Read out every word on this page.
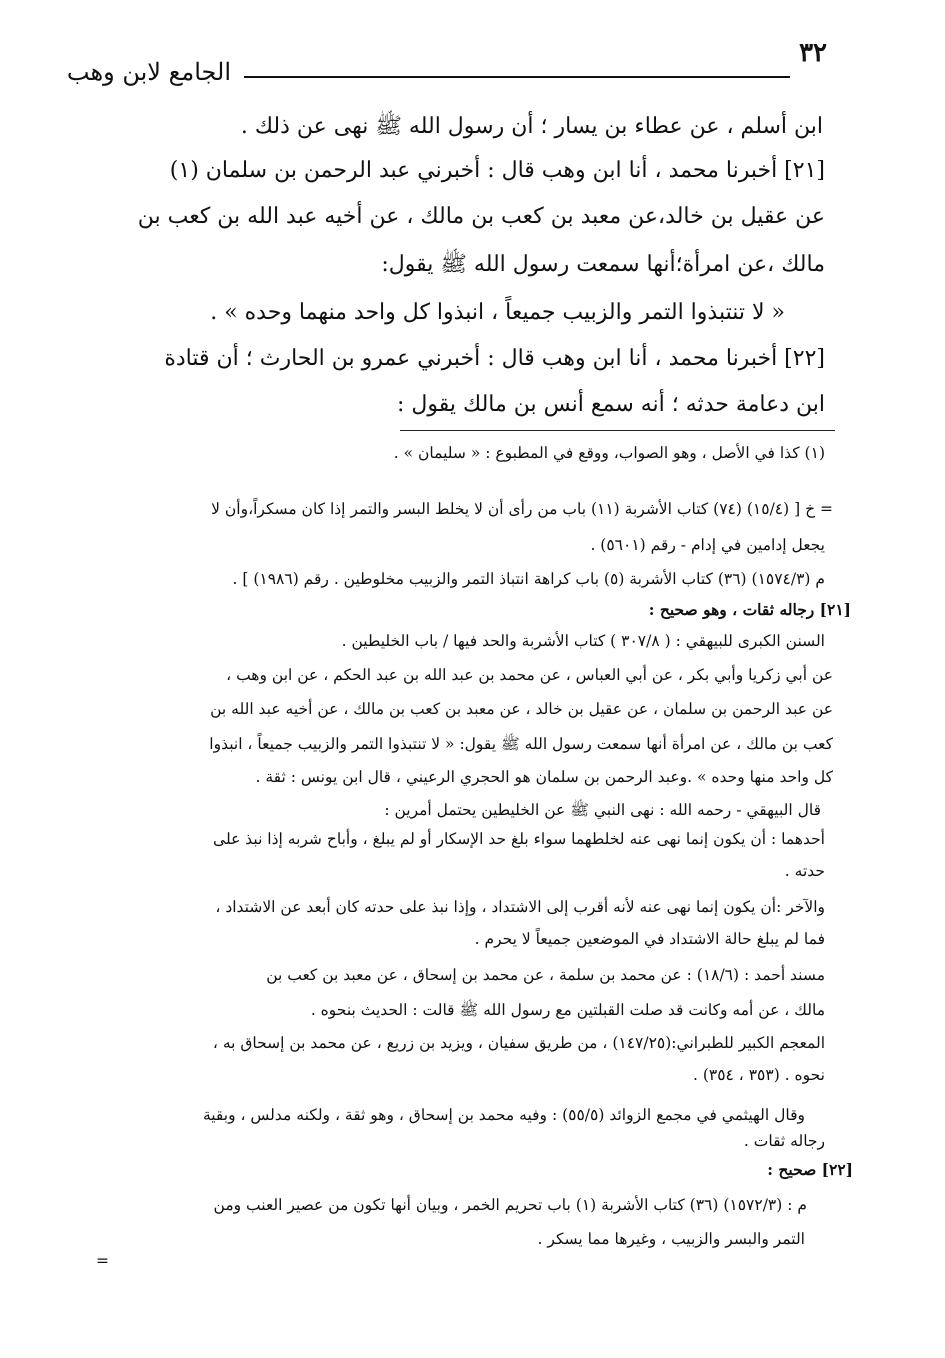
٣٢
الجامع لابن وهب
ابن أسلم ، عن عطاء بن يسار ؛ أن رسول الله ﷺ نهى عن ذلك .
[٢١] أخبرنا محمد ، أنا ابن وهب قال : أخبرني عبد الرحمن بن سلمان (١)
عن عقيل بن خالد،عن معبد بن كعب بن مالك ، عن أخيه عبد الله بن كعب بن
مالك ،عن امرأة؛أنها سمعت رسول الله ﷺ يقول:
« لا تنتبذوا التمر والزبيب جميعاً ، انبذوا كل واحد منهما وحده » .
[٢٢] أخبرنا محمد ، أنا ابن وهب قال : أخبرني عمرو بن الحارث ؛ أن قتادة
ابن دعامة حدثه ؛ أنه سمع أنس بن مالك يقول :
(١) كذا في الأصل ، وهو الصواب، ووقع في المطبوع : « سليمان » .
= خ [ (١٥/٤) (٧٤) كتاب الأشربة (١١) باب من رأى أن لا يخلط البسر والتمر إذا كان مسكراً،وأن لا
يجعل إدامين في إدام - رقم (٥٦٠١) .
م (١٥٧٤/٣) (٣٦) كتاب الأشربة (٥) باب كراهة انتباذ التمر والزبيب مخلوطين . رقم (١٩٨٦) ] .
[٢١] رجاله ثقات ، وهو صحيح :
السنن الكبرى للبيهقي : ( ٣٠٧/٨ ) كتاب الأشربة والحد فيها / باب الخليطين .
عن أبي زكريا وأبي بكر ، عن أبي العباس ، عن محمد بن عبد الله بن عبد الحكم ، عن ابن وهب ،
عن عبد الرحمن بن سلمان ، عن عقيل بن خالد ، عن معبد بن كعب بن مالك ، عن أخيه عبد الله بن
كعب بن مالك ، عن امرأة أنها سمعت رسول الله ﷺ يقول: « لا تنتبذوا التمر والزبيب جميعاً ، انبذوا
كل واحد منها وحده » .وعبد الرحمن بن سلمان هو الحجري الرعيني ، قال ابن يونس : ثقة .
قال البيهقي - رحمه الله : نهى النبي ﷺ عن الخليطين يحتمل أمرين :
أحدهما : أن يكون إنما نهى عنه لخلطهما سواء بلغ حد الإسكار أو لم يبلغ ، وأباح شربه إذا نبذ على
حدته .
والآخر :أن يكون إنما نهى عنه لأنه أقرب إلى الاشتداد ، وإذا نبذ على حدته كان أبعد عن الاشتداد ،
فما لم يبلغ حالة الاشتداد في الموضعين جميعاً لا يحرم .
مسند أحمد : (١٨/٦) : عن محمد بن سلمة ، عن محمد بن إسحاق ، عن معبد بن كعب بن
مالك ، عن أمه وكانت قد صلت القبلتين مع رسول الله ﷺ قالت : الحديث بنحوه .
المعجم الكبير للطبراني:(١٤٧/٢٥) ، من طريق سفيان ، ويزيد بن زريع ، عن محمد بن إسحاق به ،
نحوه . (٣٥٣ ، ٣٥٤) .
وقال الهيثمي في مجمع الزوائد (٥٥/٥) : وفيه محمد بن إسحاق ، وهو ثقة ، ولكنه مدلس ، وبقية
رجاله ثقات .
[٢٢] صحيح :
م : (١٥٧٢/٣) (٣٦) كتاب الأشربة (١) باب تحريم الخمر ، وبيان أنها تكون من عصير العنب ومن
التمر والبسر والزبيب ، وغيرها مما يسكر .
=
